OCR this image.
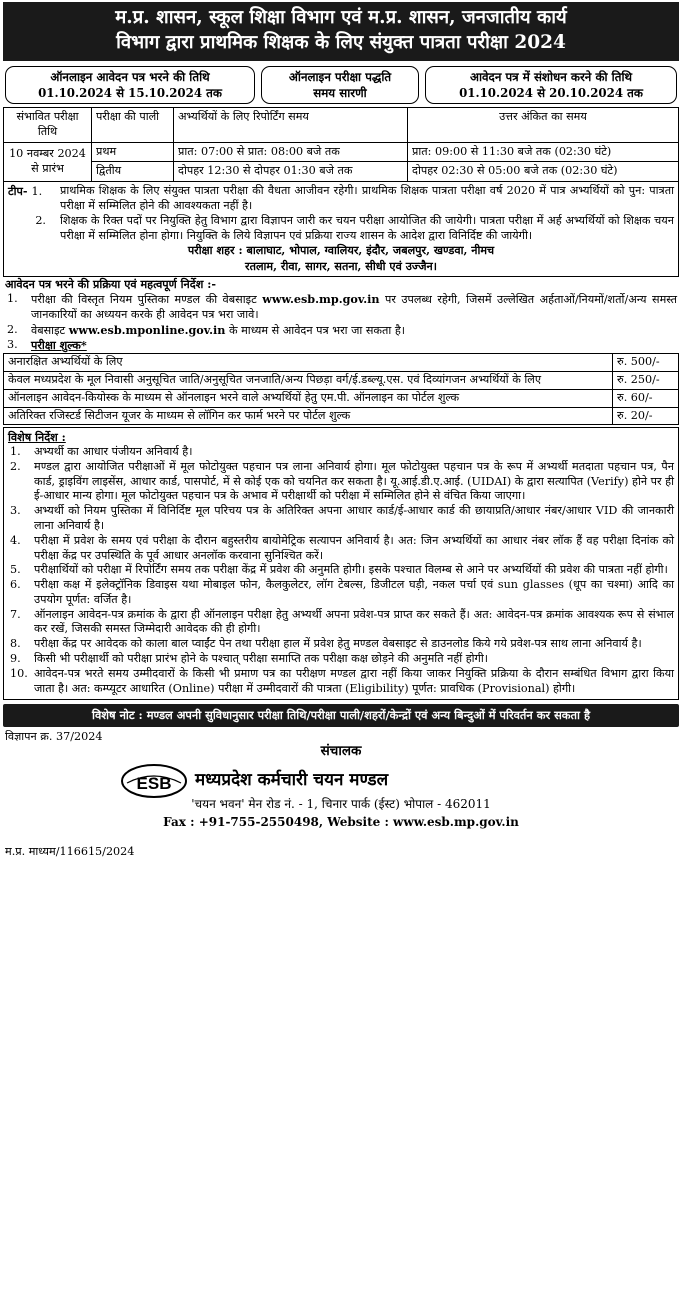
म.प्र. शासन, स्कूल शिक्षा विभाग एवं म.प्र. शासन, जनजातीय कार्य
विभाग द्वारा प्राथमिक शिक्षक के लिए संयुक्त पात्रता परीक्षा 2024
ऑनलाइन आवेदन पत्र भरने की तिथि
01.10.2024 से 15.10.2024 तक
ऑनलाइन परीक्षा पद्धति
समय सारणी
आवेदन पत्र में संशोधन करने की तिथि
01.10.2024 से 20.10.2024 तक
संभावित परीक्षा तिथि	परीक्षा की पाली	अभ्यर्थियों के लिए रिपोर्टिंग समय	उत्तर अंकित का समय
10 नवम्बर 2024 से प्रारंभ	प्रथम	प्रात: 07:00 से प्रात: 08:00 बजे तक	प्रात: 09:00 से 11:30 बजे तक (02:30 घंटे)
	द्वितीय	दोपहर 12:30 से दोपहर 01:30 बजे तक	दोपहर 02:30 से 05:00 बजे तक (02:30 घंटे)
टीप- 1.	प्राथमिक शिक्षक के लिए संयुक्त पात्रता परीक्षा की वैधता आजीवन रहेगी। प्राथमिक शिक्षक पात्रता परीक्षा वर्ष 2020 में पात्र अभ्यर्थियों को पुन: पात्रता परीक्षा में सम्मिलित होने की आवश्यकता नहीं है।
2.	शिक्षक के रिक्त पदों पर नियुक्ति हेतु विभाग द्वारा विज्ञापन जारी कर चयन परीक्षा आयोजित की जायेगी। पात्रता परीक्षा में अर्ह अभ्यर्थियों को शिक्षक चयन परीक्षा में सम्मिलित होना होगा। नियुक्ति के लिये विज्ञापन एवं प्रक्रिया राज्य शासन के आदेश द्वारा विनिर्दिष्ट की जायेगी।
परीक्षा शहर : बालाघाट, भोपाल, ग्वालियर, इंदौर, जबलपुर, खण्डवा, नीमच
रतलाम, रीवा, सागर, सतना, सीधी एवं उज्जैन।
आवेदन पत्र भरने की प्रक्रिया एवं महत्वपूर्ण निर्देश :-
1.	परीक्षा की विस्तृत नियम पुस्तिका मण्डल की वेबसाइट www.esb.mp.gov.in पर उपलब्ध रहेगी, जिसमें उल्लेखित अर्हताओं/नियमों/शर्तो/अन्य समस्त जानकारियों का अध्ययन करके ही आवेदन पत्र भरा जावे।
2.	वेबसाइट www.esb.mponline.gov.in के माध्यम से आवेदन पत्र भरा जा सकता है।
3.	परीक्षा शुल्क*
अनारक्षित अभ्यर्थियों के लिए	रु. 500/-
केवल मध्यप्रदेश के मूल निवासी अनुसूचित जाति/अनुसूचित जनजाति/अन्य पिछड़ा वर्ग/ई.डब्ल्यू.एस. एवं दिव्यांगजन अभ्यर्थियों के लिए	रु. 250/-
ऑनलाइन आवेदन-कियोस्क के माध्यम से ऑनलाइन भरने वाले अभ्यर्थियों हेतु एम.पी. ऑनलाइन का पोर्टल शुल्क	रु. 60/-
अतिरिक्त रजिस्टर्ड सिटीजन यूजर के माध्यम से लॉगिन कर फार्म भरने पर पोर्टल शुल्क	रु. 20/-
विशेष निर्देश :
1.	अभ्यर्थी का आधार पंजीयन अनिवार्य है।
2.	मण्डल द्वारा आयोजित परीक्षाओं में मूल फोटोयुक्त पहचान पत्र लाना अनिवार्य होगा। मूल फोटोयुक्त पहचान पत्र के रूप में अभ्यर्थी मतदाता पहचान पत्र, पैन कार्ड, ड्राइविंग लाइसेंस, आधार कार्ड, पासपोर्ट, में से कोई एक को चयनित कर सकता है। यू.आई.डी.ए.आई. (UIDAI) के द्वारा सत्यापित (Verify) होने पर ही ई-आधार मान्य होगा। मूल फोटोयुक्त पहचान पत्र के अभाव में परीक्षार्थी को परीक्षा में सम्मिलित होने से वंचित किया जाएगा।
3.	अभ्यर्थी को नियम पुस्तिका में विनिर्दिष्ट मूल परिचय पत्र के अतिरिक्त अपना आधार कार्ड/ई-आधार कार्ड की छायाप्रति/आधार नंबर/आधार VID की जानकारी लाना अनिवार्य है।
4.	परीक्षा में प्रवेश के समय एवं परीक्षा के दौरान बहुस्तरीय बायोमेट्रिक सत्यापन अनिवार्य है। अत: जिन अभ्यर्थियों का आधार नंबर लॉक हैं वह परीक्षा दिनांक को परीक्षा केंद्र पर उपस्थिति के पूर्व आधार अनलॉक करवाना सुनिश्चित करें।
5.	परीक्षार्थियों को परीक्षा में रिपोर्टिंग समय तक परीक्षा केंद्र में प्रवेश की अनुमति होगी। इसके पश्चात विलम्ब से आने पर अभ्यर्थियों की प्रवेश की पात्रता नहीं होगी।
6.	परीक्षा कक्ष में इलेक्ट्रॉनिक डिवाइस यथा मोबाइल फोन, कैलकुलेटर, लॉग टेबल्स, डिजीटल घड़ी, नकल पर्चा एवं sun glasses (धूप का चश्मा) आदि का उपयोग पूर्णत: वर्जित है।
7.	ऑनलाइन आवेदन-पत्र क्रमांक के द्वारा ही ऑनलाइन परीक्षा हेतु अभ्यर्थी अपना प्रवेश-पत्र प्राप्त कर सकते हैं। अत: आवेदन-पत्र क्रमांक आवश्यक रूप से संभाल कर रखें, जिसकी समस्त जिम्मेदारी आवेदक की ही होगी।
8.	परीक्षा केंद्र पर आवेदक को काला बाल प्वाईंट पेन तथा परीक्षा हाल में प्रवेश हेतु मण्डल वेबसाइट से डाउनलोड किये गये प्रवेश-पत्र साथ लाना अनिवार्य है।
9.	किसी भी परीक्षार्थी को परीक्षा प्रारंभ होने के पश्चात् परीक्षा समाप्ति तक परीक्षा कक्ष छोड़ने की अनुमति नहीं होगी।
10. आवेदन-पत्र भरते समय उम्मीदवारों के किसी भी प्रमाण पत्र का परीक्षण मण्डल द्वारा नहीं किया जाकर नियुक्ति प्रक्रिया के दौरान सम्बंधित विभाग द्वारा किया जाता है। अत: कम्प्यूटर आधारित (Online) परीक्षा में उम्मीदवारों की पात्रता (Eligibility) पूर्णत: प्रावधिक (Provisional) होगी।
विशेष नोट : मण्डल अपनी सुविधानुसार परीक्षा तिथि/परीक्षा पाली/शहरों/केन्द्रों एवं अन्य बिन्दुओं में परिवर्तन कर सकता है
विज्ञापन क्र. 37/2024
संचालक
ESB मध्यप्रदेश कर्मचारी चयन मण्डल
'चयन भवन' मेन रोड नं. - 1, चिनार पार्क (ईस्ट) भोपाल - 462011
Fax : +91-755-2550498, Website : www.esb.mp.gov.in
म.प्र. माध्यम/116615/2024
